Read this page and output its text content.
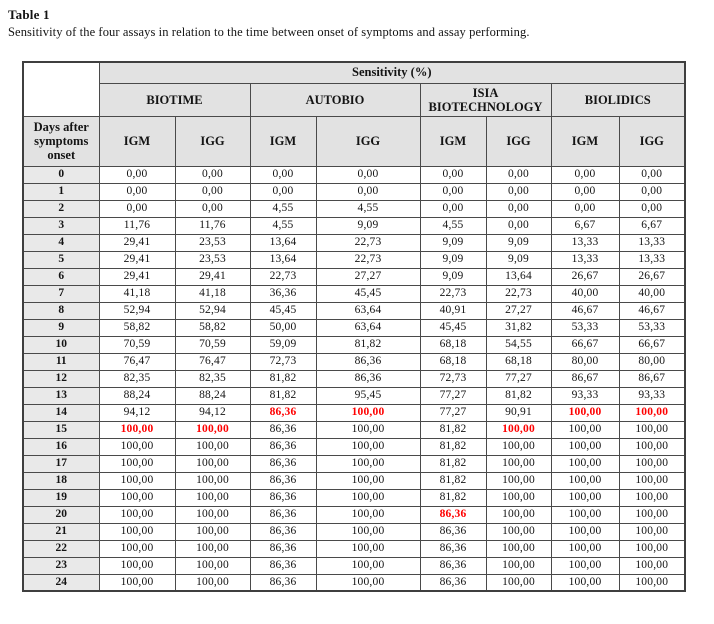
Table 1
Sensitivity of the four assays in relation to the time between onset of symptoms and assay performing.
	Sensitivity (%)							
	BIOTIME		AUTOBIO		ISIA BIOTECHNOLOGY		BIOLIDICS	
Days after symptoms onset	IGM	IGG	IGM	IGG	IGM	IGG	IGM	IGG
0	0,00	0,00	0,00	0,00	0,00	0,00	0,00	0,00
1	0,00	0,00	0,00	0,00	0,00	0,00	0,00	0,00
2	0,00	0,00	4,55	4,55	0,00	0,00	0,00	0,00
3	11,76	11,76	4,55	9,09	4,55	0,00	6,67	6,67
4	29,41	23,53	13,64	22,73	9,09	9,09	13,33	13,33
5	29,41	23,53	13,64	22,73	9,09	9,09	13,33	13,33
6	29,41	29,41	22,73	27,27	9,09	13,64	26,67	26,67
7	41,18	41,18	36,36	45,45	22,73	22,73	40,00	40,00
8	52,94	52,94	45,45	63,64	40,91	27,27	46,67	46,67
9	58,82	58,82	50,00	63,64	45,45	31,82	53,33	53,33
10	70,59	70,59	59,09	81,82	68,18	54,55	66,67	66,67
11	76,47	76,47	72,73	86,36	68,18	68,18	80,00	80,00
12	82,35	82,35	81,82	86,36	72,73	77,27	86,67	86,67
13	88,24	88,24	81,82	95,45	77,27	81,82	93,33	93,33
14	94,12	94,12	86,36	100,00	77,27	90,91	100,00	100,00
15	100,00	100,00	86,36	100,00	81,82	100,00	100,00	100,00
16	100,00	100,00	86,36	100,00	81,82	100,00	100,00	100,00
17	100,00	100,00	86,36	100,00	81,82	100,00	100,00	100,00
18	100,00	100,00	86,36	100,00	81,82	100,00	100,00	100,00
19	100,00	100,00	86,36	100,00	81,82	100,00	100,00	100,00
20	100,00	100,00	86,36	100,00	86,36	100,00	100,00	100,00
21	100,00	100,00	86,36	100,00	86,36	100,00	100,00	100,00
22	100,00	100,00	86,36	100,00	86,36	100,00	100,00	100,00
23	100,00	100,00	86,36	100,00	86,36	100,00	100,00	100,00
24	100,00	100,00	86,36	100,00	86,36	100,00	100,00	100,00
